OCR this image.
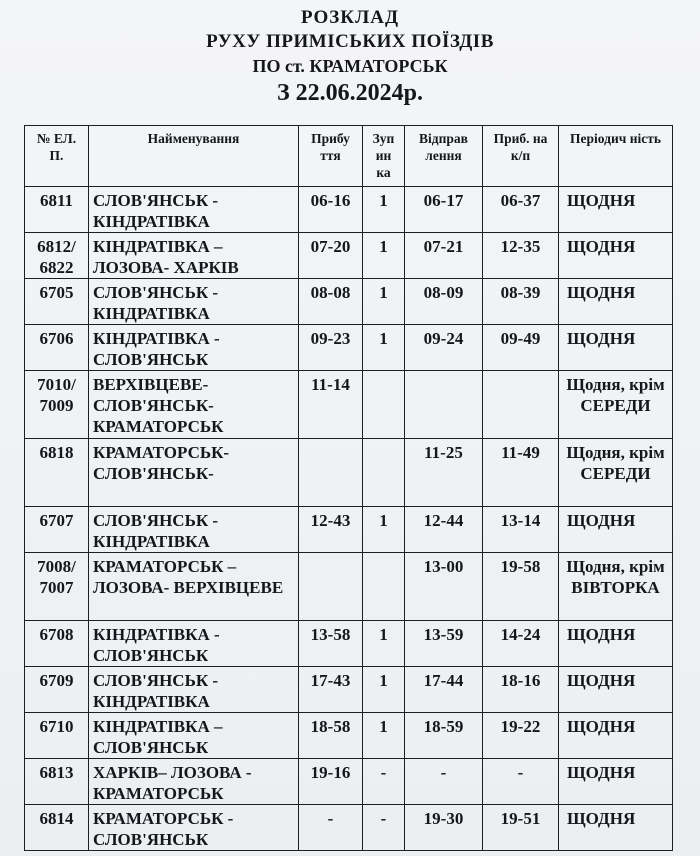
РОЗКЛАД
РУХУ ПРИМІСЬКИХ ПОЇЗДІВ
ПО ст. КРАМАТОРСЬК
З 22.06.2024р.
№ ЕЛ. П.	Найменування	Прибу ття	Зуп ин ка	Відправ лення	Приб. на к/п	Періодич ність
6811	СЛОВ'ЯНСЬК - КІНДРАТІВКА	06-16	1	06-17	06-37	ЩОДНЯ
6812/ 6822	КІНДРАТІВКА – ЛОЗОВА- ХАРКІВ	07-20	1	07-21	12-35	ЩОДНЯ
6705	СЛОВ'ЯНСЬК - КІНДРАТІВКА	08-08	1	08-09	08-39	ЩОДНЯ
6706	КІНДРАТІВКА - СЛОВ'ЯНСЬК	09-23	1	09-24	09-49	ЩОДНЯ
7010/ 7009	ВЕРХІВЦЕВЕ- СЛОВ'ЯНСЬК- КРАМАТОРСЬК	11-14				Щодня, крім СЕРЕДИ
6818	КРАМАТОРСЬК- СЛОВ'ЯНСЬК-			11-25	11-49	Щодня, крім СЕРЕДИ
6707	СЛОВ'ЯНСЬК - КІНДРАТІВКА	12-43	1	12-44	13-14	ЩОДНЯ
7008/ 7007	КРАМАТОРСЬК – ЛОЗОВА- ВЕРХІВЦЕВЕ			13-00	19-58	Щодня, крім ВІВТОРКА
6708	КІНДРАТІВКА - СЛОВ'ЯНСЬК	13-58	1	13-59	14-24	ЩОДНЯ
6709	СЛОВ'ЯНСЬК - КІНДРАТІВКА	17-43	1	17-44	18-16	ЩОДНЯ
6710	КІНДРАТІВКА – СЛОВ'ЯНСЬК	18-58	1	18-59	19-22	ЩОДНЯ
6813	ХАРКІВ– ЛОЗОВА - КРАМАТОРСЬК	19-16	-	-	-	ЩОДНЯ
6814	КРАМАТОРСЬК - СЛОВ'ЯНСЬК	-	-	19-30	19-51	ЩОДНЯ
